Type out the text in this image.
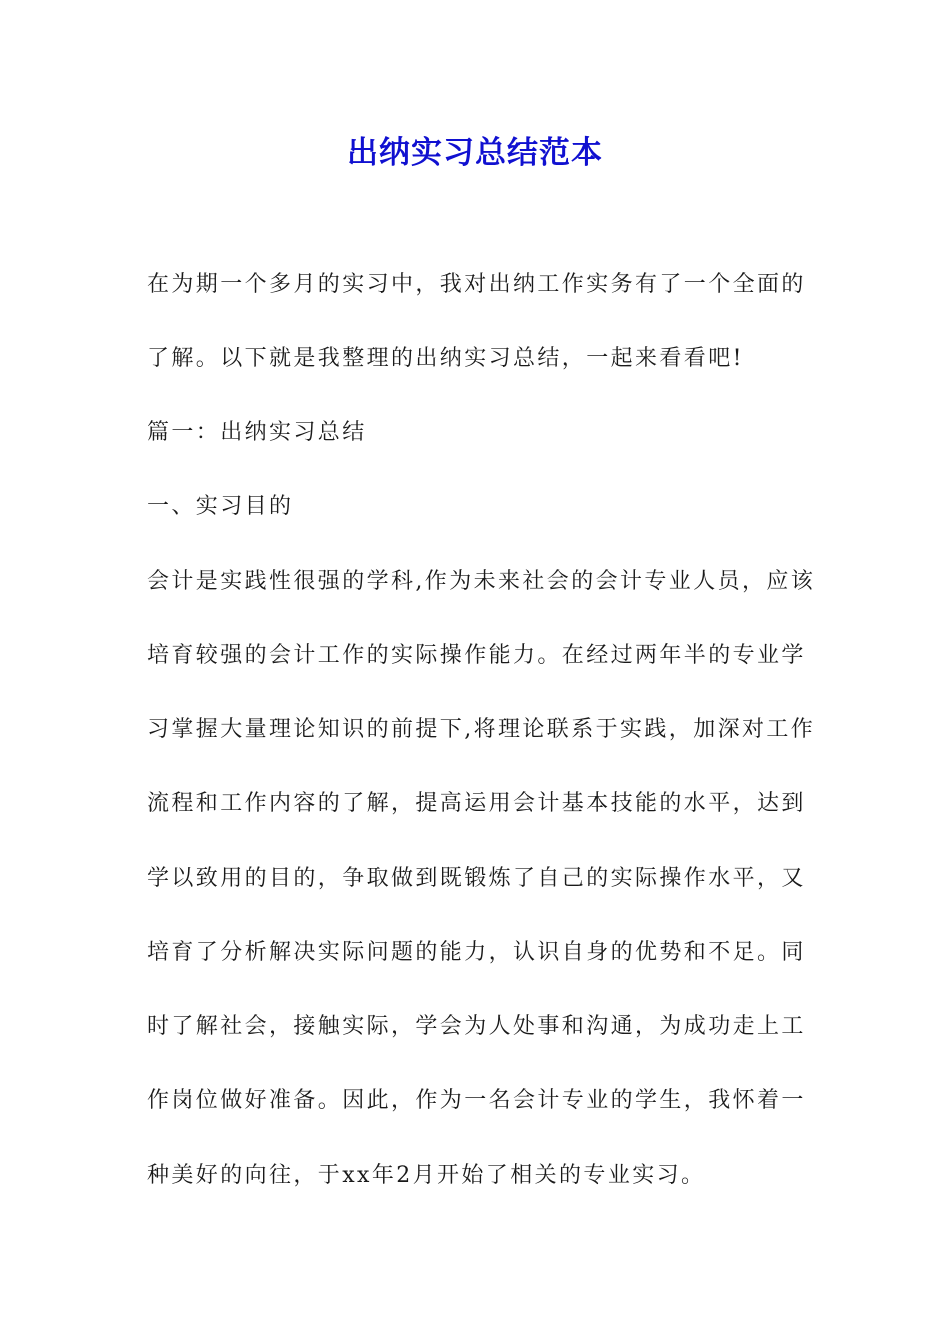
出纳实习总结范本

在为期一个多月的实习中，我对出纳工作实务有了一个全面的

了解。以下就是我整理的出纳实习总结，一起来看看吧!

篇一：出纳实习总结

一、实习目的

会计是实践性很强的学科,作为未来社会的会计专业人员，应该

培育较强的会计工作的实际操作能力。在经过两年半的专业学

习掌握大量理论知识的前提下,将理论联系于实践，加深对工作

流程和工作内容的了解，提高运用会计基本技能的水平，达到

学以致用的目的，争取做到既锻炼了自己的实际操作水平，又

培育了分析解决实际问题的能力，认识自身的优势和不足。同

时了解社会，接触实际，学会为人处事和沟通，为成功走上工

作岗位做好准备。因此，作为一名会计专业的学生，我怀着一

种美好的向往，于xx年2月开始了相关的专业实习。
